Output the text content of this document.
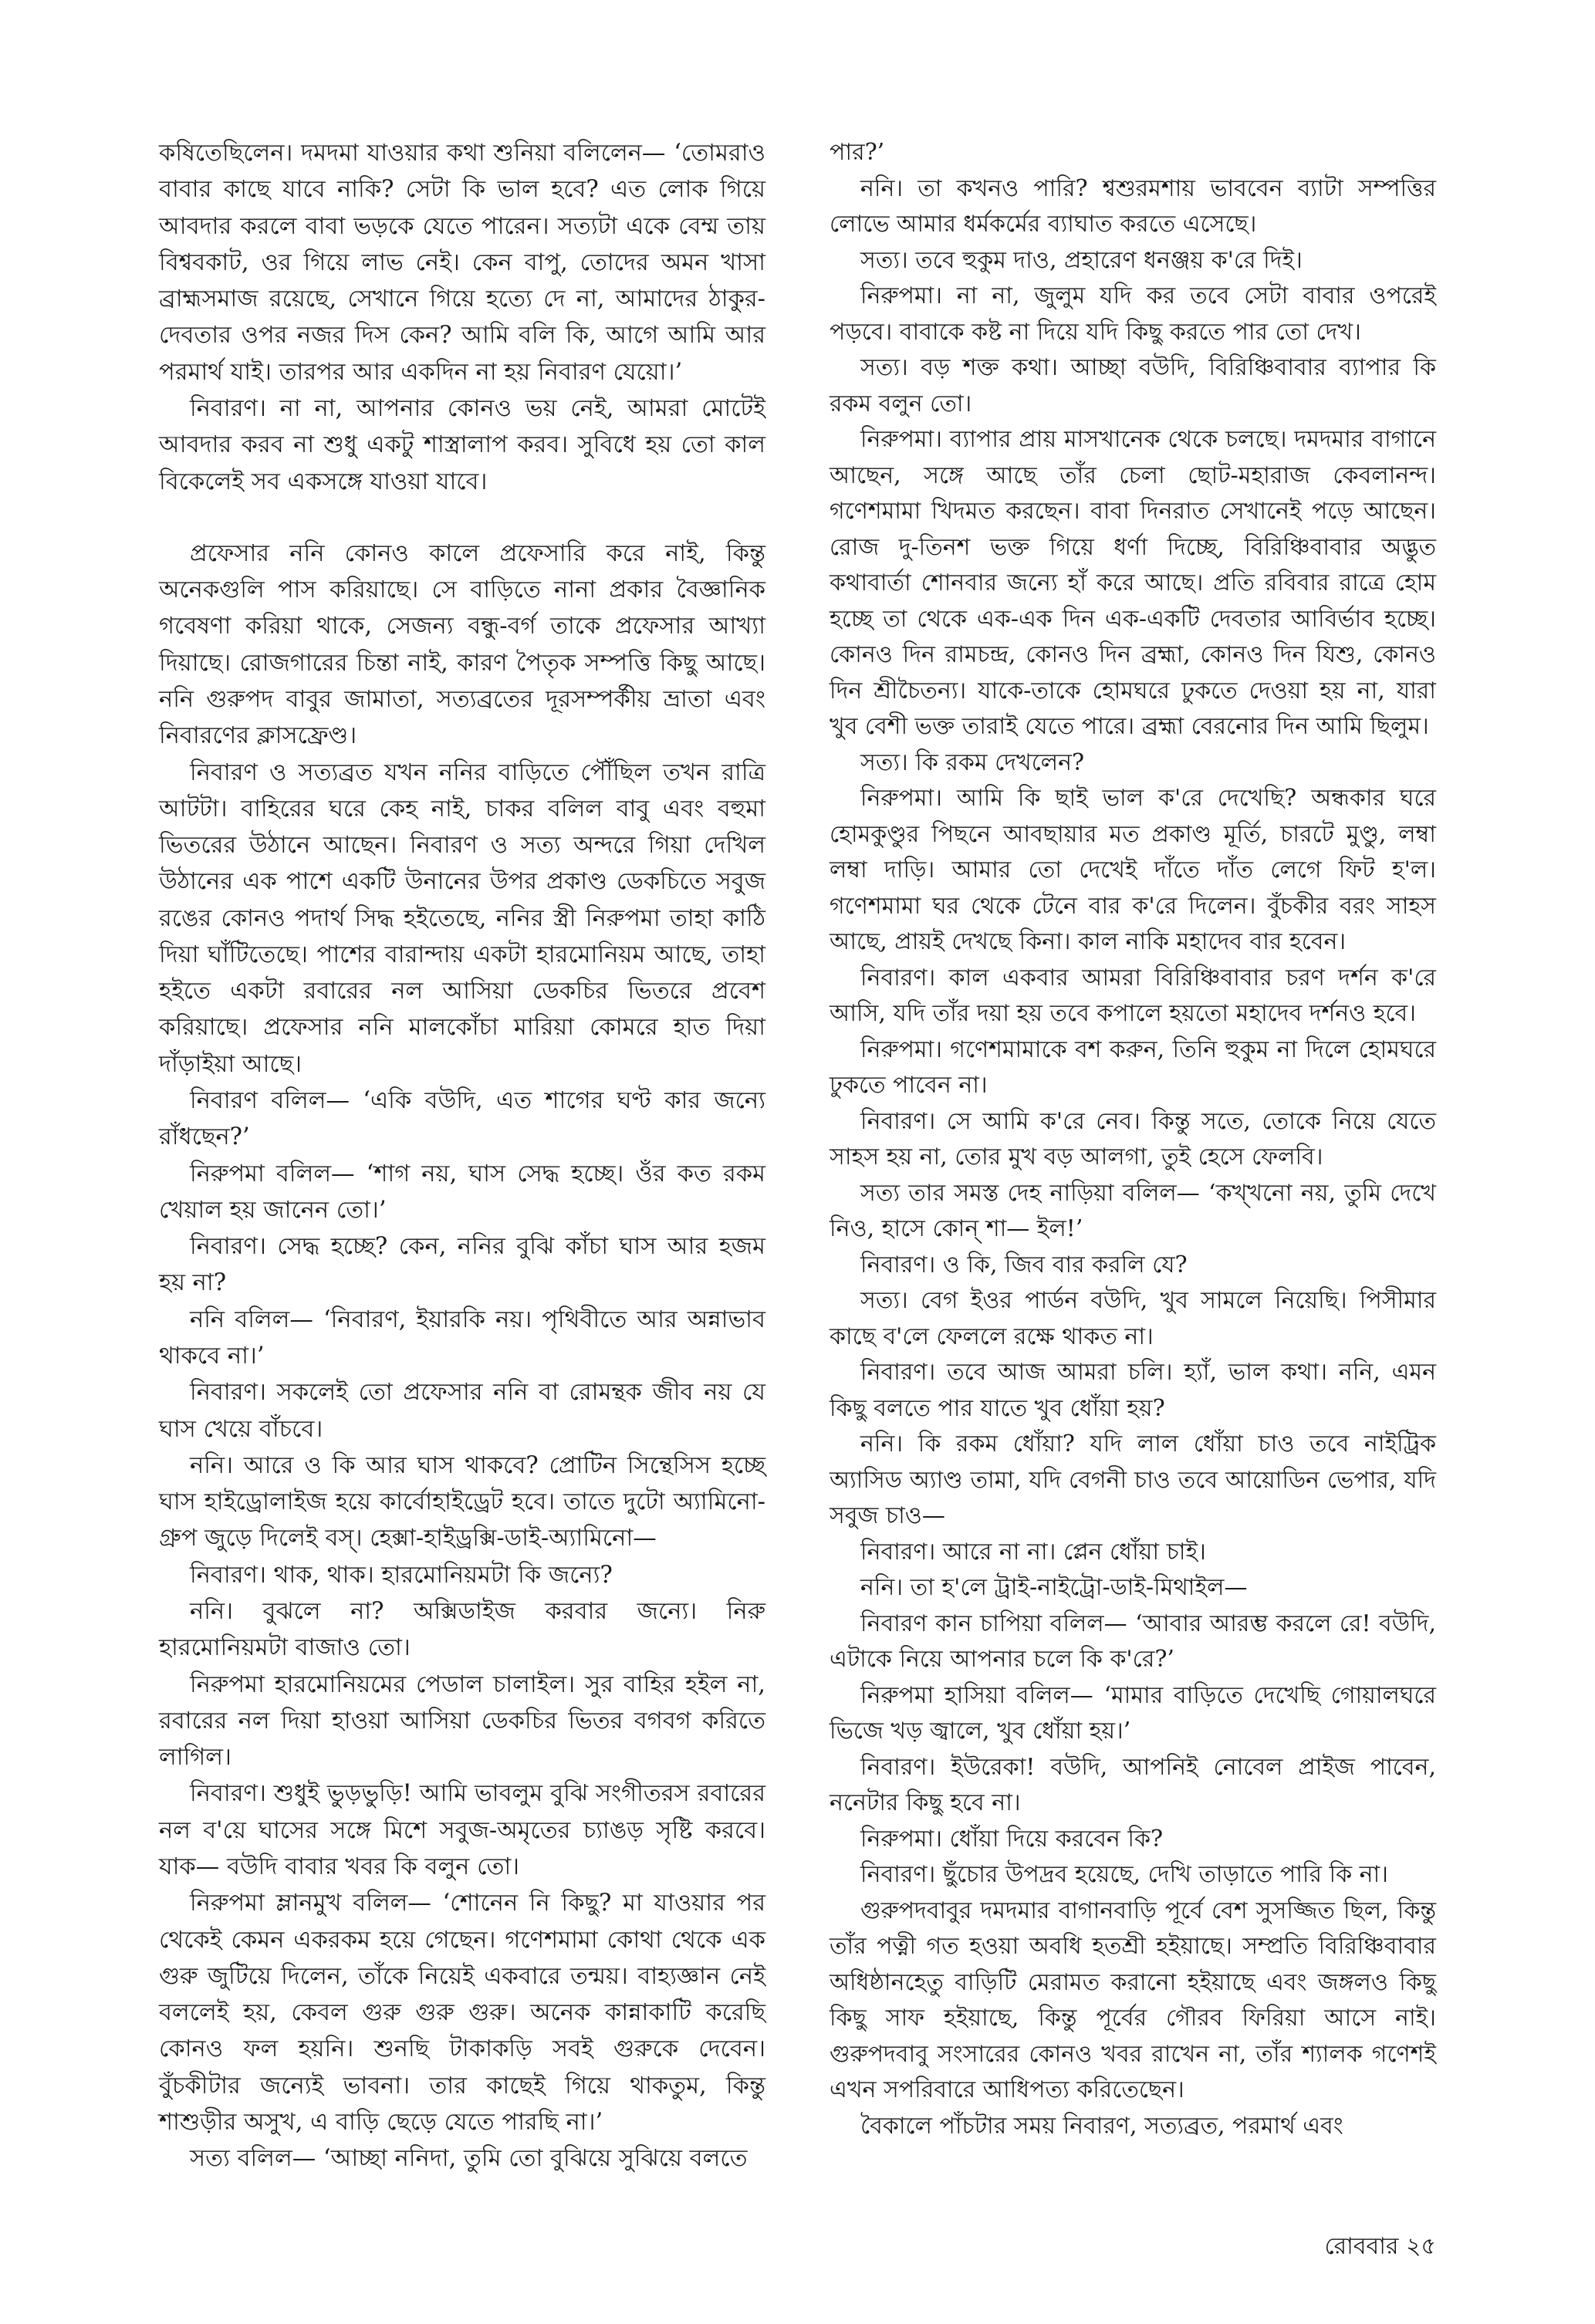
কষিতেছিলেন। দমদমা যাওয়ার কথা শুনিয়া বলিলেন— ‘তোমরাও বাবার কাছে যাবে নাকি? সেটা কি ভাল হবে? এত লোক গিয়ে আবদার করলে বাবা ভড়কে যেতে পারেন। সত্যটা একে বেম্ম তায় বিশ্ববকাট, ওর গিয়ে লাভ নেই। কেন বাপু, তোদের অমন খাসা ব্রাহ্মসমাজ রয়েছে, সেখানে গিয়ে হত্যে দে না, আমাদের ঠাকুর-দেবতার ওপর নজর দিস কেন? আমি বলি কি, আগে আমি আর পরমার্থ যাই। তারপর আর একদিন না হয় নিবারণ যেয়ো।’

নিবারণ। না না, আপনার কোনও ভয় নেই, আমরা মোটেই আবদার করব না শুধু একটু শাস্ত্রালাপ করব। সুবিধে হয় তো কাল বিকেলেই সব একসঙ্গে যাওয়া যাবে।

প্রফেসার ননি কোনও কালে প্রফেসারি করে নাই, কিন্তু অনেকগুলি পাস করিয়াছে। সে বাড়িতে নানা প্রকার বৈজ্ঞানিক গবেষণা করিয়া থাকে, সেজন্য বন্ধু-বর্গ তাকে প্রফেসার আখ্যা দিয়াছে। রোজগারের চিন্তা নাই, কারণ পৈতৃক সম্পত্তি কিছু আছে। ননি গুরুপদ বাবুর জামাতা, সত্যব্রতের দূরসম্পর্কীয় ভ্রাতা এবং নিবারণের ক্লাসফ্রেণ্ড।

নিবারণ ও সত্যব্রত যখন ননির বাড়িতে পৌঁছিল তখন রাত্রি আটটা। বাহিরের ঘরে কেহ নাই, চাকর বলিল বাবু এবং বহুমা ভিতরের উঠানে আছেন। নিবারণ ও সত্য অন্দরে গিয়া দেখিল উঠানের এক পাশে একটি উনানের উপর প্রকাণ্ড ডেকচিতে সবুজ রঙের কোনও পদার্থ সিদ্ধ হইতেছে, ননির স্ত্রী নিরুপমা তাহা কাঠি দিয়া ঘাঁটিতেছে। পাশের বারান্দায় একটা হারমোনিয়ম আছে, তাহা হইতে একটা রবারের নল আসিয়া ডেকচির ভিতরে প্রবেশ করিয়াছে। প্রফেসার ননি মালকোঁচা মারিয়া কোমরে হাত দিয়া দাঁড়াইয়া আছে।

নিবারণ বলিল— ‘একি বউদি, এত শাগের ঘণ্ট কার জন্যে রাঁধছেন?’

নিরুপমা বলিল— ‘শাগ নয়, ঘাস সেদ্ধ হচ্ছে। ওঁর কত রকম খেয়াল হয় জানেন তো।’

নিবারণ। সেদ্ধ হচ্ছে? কেন, ননির বুঝি কাঁচা ঘাস আর হজম হয় না?

ননি বলিল— ‘নিবারণ, ইয়ারকি নয়। পৃথিবীতে আর অন্নাভাব থাকবে না।’

নিবারণ। সকলেই তো প্রফেসার ননি বা রোমন্থক জীব নয় যে ঘাস খেয়ে বাঁচবে।

ননি। আরে ও কি আর ঘাস থাকবে? প্রোটিন সিন্থেসিস হচ্ছে ঘাস হাইড্রোলাইজ হয়ে কার্বোহাইড্রেট হবে। তাতে দুটো অ্যামিনো-গ্রুপ জুড়ে দিলেই বস্। হেক্সা-হাইড্রক্সি-ডাই-অ্যামিনো—

নিবারণ। থাক, থাক। হারমোনিয়মটা কি জন্যে?

ননি। বুঝলে না? অক্সিডাইজ করবার জন্যে। নিরু হারমোনিয়মটা বাজাও তো।

নিরুপমা হারমোনিয়মের পেডাল চালাইল। সুর বাহির হইল না, রবারের নল দিয়া হাওয়া আসিয়া ডেকচির ভিতর বগবগ করিতে লাগিল।

নিবারণ। শুধুই ভুড়ভুড়ি! আমি ভাবলুম বুঝি সংগীতরস রবারের নল ব'য়ে ঘাসের সঙ্গে মিশে সবুজ-অমৃতের চ্যাঙড় সৃষ্টি করবে। যাক— বউদি বাবার খবর কি বলুন তো।

নিরুপমা ম্লানমুখ বলিল— ‘শোনেন নি কিছু? মা যাওয়ার পর থেকেই কেমন একরকম হয়ে গেছেন। গণেশমামা কোথা থেকে এক গুরু জুটিয়ে দিলেন, তাঁকে নিয়েই একবারে তন্ময়। বাহ্যজ্ঞান নেই বললেই হয়, কেবল গুরু গুরু গুরু। অনেক কান্নাকাটি করেছি কোনও ফল হয়নি। শুনছি টাকাকড়ি সবই গুরুকে দেবেন। বুঁচকীটার জন্যেই ভাবনা। তার কাছেই গিয়ে থাকতুম, কিন্তু শাশুড়ীর অসুখ, এ বাড়ি ছেড়ে যেতে পারছি না।’

সত্য বলিল— ‘আচ্ছা ননিদা, তুমি তো বুঝিয়ে সুঝিয়ে বলতে

পার?’

ননি। তা কখনও পারি? শ্বশুরমশায় ভাববেন ব্যাটা সম্পত্তির লোভে আমার ধর্মকর্মের ব্যাঘাত করতে এসেছে।

সত্য। তবে হুকুম দাও, প্রহারেণ ধনঞ্জয় ক'রে দিই।

নিরুপমা। না না, জুলুম যদি কর তবে সেটা বাবার ওপরেই পড়বে। বাবাকে কষ্ট না দিয়ে যদি কিছু করতে পার তো দেখ।

সত্য। বড় শক্ত কথা। আচ্ছা বউদি, বিরিঞ্চিবাবার ব্যাপার কি রকম বলুন তো।

নিরুপমা। ব্যাপার প্রায় মাসখানেক থেকে চলছে। দমদমার বাগানে আছেন, সঙ্গে আছে তাঁর চেলা ছোট-মহারাজ কেবলানন্দ। গণেশমামা খিদমত করছেন। বাবা দিনরাত সেখানেই পড়ে আছেন। রোজ দু-তিনশ ভক্ত গিয়ে ধর্ণা দিচ্ছে, বিরিঞ্চিবাবার অদ্ভুত কথাবার্তা শোনবার জন্যে হাঁ করে আছে। প্রতি রবিবার রাত্রে হোম হচ্ছে তা থেকে এক-এক দিন এক-একটি দেবতার আবির্ভাব হচ্ছে। কোনও দিন রামচন্দ্র, কোনও দিন ব্রহ্মা, কোনও দিন যিশু, কোনও দিন শ্রীচৈতন্য। যাকে-তাকে হোমঘরে ঢুকতে দেওয়া হয় না, যারা খুব বেশী ভক্ত তারাই যেতে পারে। ব্রহ্মা বেরনোর দিন আমি ছিলুম।

সত্য। কি রকম দেখলেন?

নিরুপমা। আমি কি ছাই ভাল ক'রে দেখেছি? অন্ধকার ঘরে হোমকুণ্ডুর পিছনে আবছায়ার মত প্রকাণ্ড মূর্তি, চারটে মুণ্ডু, লম্বা লম্বা দাড়ি। আমার তো দেখেই দাঁতে দাঁত লেগে ফিট হ'ল। গণেশমামা ঘর থেকে টেনে বার ক'রে দিলেন। বুঁচকীর বরং সাহস আছে, প্রায়ই দেখছে কিনা। কাল নাকি মহাদেব বার হবেন।

নিবারণ। কাল একবার আমরা বিরিঞ্চিবাবার চরণ দর্শন ক'রে আসি, যদি তাঁর দয়া হয় তবে কপালে হয়তো মহাদেব দর্শনও হবে।

নিরুপমা। গণেশমামাকে বশ করুন, তিনি হুকুম না দিলে হোমঘরে ঢুকতে পাবেন না।

নিবারণ। সে আমি ক'রে নেব। কিন্তু সতে, তোকে নিয়ে যেতে সাহস হয় না, তোর মুখ বড় আলগা, তুই হেসে ফেলবি।

সত্য তার সমস্ত দেহ নাড়িয়া বলিল— ‘কখ্খনো নয়, তুমি দেখে নিও, হাসে কোন্ শা— ইল!’

নিবারণ। ও কি, জিব বার করলি যে?

সত্য। বেগ ইওর পার্ডন বউদি, খুব সামলে নিয়েছি। পিসীমার কাছে ব'লে ফেললে রক্ষে থাকত না।

নিবারণ। তবে আজ আমরা চলি। হ্যাঁ, ভাল কথা। ননি, এমন কিছু বলতে পার যাতে খুব ধোঁয়া হয়?

ননি। কি রকম ধোঁয়া? যদি লাল ধোঁয়া চাও তবে নাইট্রিক অ্যাসিড অ্যাণ্ড তামা, যদি বেগনী চাও তবে আয়োডিন ভেপার, যদি সবুজ চাও—

নিবারণ। আরে না না। প্লেন ধোঁয়া চাই।

ননি। তা হ'লে ট্রাই-নাইট্রো-ডাই-মিথাইল—

নিবারণ কান চাপিয়া বলিল— ‘আবার আরম্ভ করলে রে! বউদি, এটাকে নিয়ে আপনার চলে কি ক'রে?’

নিরুপমা হাসিয়া বলিল— ‘মামার বাড়িতে দেখেছি গোয়ালঘরে ভিজে খড় জ্বালে, খুব ধোঁয়া হয়।’

নিবারণ। ইউরেকা! বউদি, আপনিই নোবেল প্রাইজ পাবেন, ননেটার কিছু হবে না।

নিরুপমা। ধোঁয়া দিয়ে করবেন কি?

নিবারণ। ছুঁচোর উপদ্রব হয়েছে, দেখি তাড়াতে পারি কি না।

গুরুপদবাবুর দমদমার বাগানবাড়ি পূর্বে বেশ সুসজ্জিত ছিল, কিন্তু তাঁর পত্নী গত হওয়া অবধি হতশ্রী হইয়াছে। সম্প্রতি বিরিঞ্চিবাবার অধিষ্ঠানহেতু বাড়িটি মেরামত করানো হইয়াছে এবং জঙ্গলও কিছু কিছু সাফ হইয়াছে, কিন্তু পূর্বের গৌরব ফিরিয়া আসে নাই। গুরুপদবাবু সংসারের কোনও খবর রাখেন না, তাঁর শ্যালক গণেশই এখন সপরিবারে আধিপত্য করিতেছেন।

বৈকালে পাঁচটার সময় নিবারণ, সত্যব্রত, পরমার্থ এবং

রোববার ২৫
